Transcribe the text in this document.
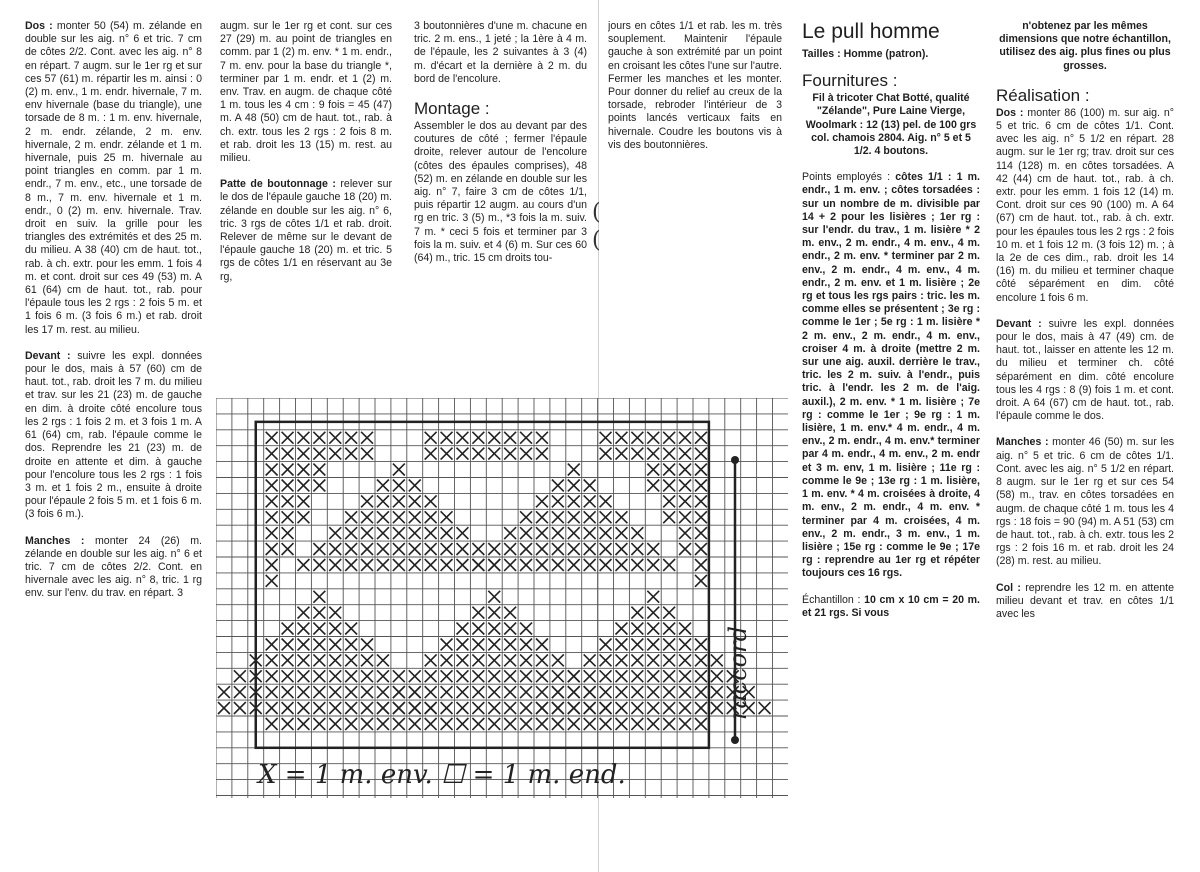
Dos : monter 50 (54) m. zélande en double sur les aig. n° 6 et tric. 7 cm de côtes 2/2. Cont. avec les aig. n° 8 en répart. 7 augm. sur le 1er rg et sur ces 57 (61) m. répartir les m. ainsi : 0 (2) m. env., 1 m. endr. hivernale, 7 m. env hivernale (base du triangle), une torsade de 8 m. : 1 m. env. hivernale, 2 m. endr. zélande, 2 m. env. hivernale, 2 m. endr. zélande et 1 m. hivernale, puis 25 m. hivernale au point triangles en comm. par 1 m. endr., 7 m. env., etc., une torsade de 8 m., 7 m. env. hivernale et 1 m. endr., 0 (2) m. env. hivernale. Trav. droit en suiv. la grille pour les triangles des extrémités et des 25 m. du milieu. A 38 (40) cm de haut. tot., rab. à ch. extr. pour les emm. 1 fois 4 m. et cont. droit sur ces 49 (53) m. A 61 (64) cm de haut. tot., rab. pour l'épaule tous les 2 rgs : 2 fois 5 m. et 1 fois 6 m. (3 fois 6 m.) et rab. droit les 17 m. rest. au milieu.

Devant : suivre les expl. données pour le dos, mais à 57 (60) cm de haut. tot., rab. droit les 7 m. du milieu et trav. sur les 21 (23) m. de gauche en dim. à droite côté encolure tous les 2 rgs : 1 fois 2 m. et 3 fois 1 m. A 61 (64) cm, rab. l'épaule comme le dos. Reprendre les 21 (23) m. de droite en attente et dim. à gauche pour l'encolure tous les 2 rgs : 1 fois 3 m. et 1 fois 2 m., ensuite à droite pour l'épaule 2 fois 5 m. et 1 fois 6 m. (3 fois 6 m.).

Manches : monter 24 (26) m. zélande en double sur les aig. n° 6 et tric. 7 cm de côtes 2/2. Cont. en hivernale avec les aig. n° 8, tric. 1 rg env. sur l'env. du trav. en répart. 3

augm. sur le 1er rg et cont. sur ces 27 (29) m. au point de triangles en comm. par 1 (2) m. env. * 1 m. endr., 7 m. env. pour la base du triangle *, terminer par 1 m. endr. et 1 (2) m. env. Trav. en augm. de chaque côté 1 m. tous les 4 cm : 9 fois = 45 (47) m. A 48 (50) cm de haut. tot., rab. à ch. extr. tous les 2 rgs : 2 fois 8 m. et rab. droit les 13 (15) m. rest. au milieu.

Patte de boutonnage : relever sur le dos de l'épaule gauche 18 (20) m. zélande en double sur les aig. n° 6, tric. 3 rgs de côtes 1/1 et rab. droit. Relever de même sur le devant de l'épaule gauche 18 (20) m. et tric. 5 rgs de côtes 1/1 en réservant au 3e rg,

3 boutonnières d'une m. chacune en tric. 2 m. ens., 1 jeté ; la 1ère à 4 m. de l'épaule, les 2 suivantes à 3 (4) m. d'écart et la dernière à 2 m. du bord de l'encolure.

Montage :

Assembler le dos au devant par des coutures de côté ; fermer l'épaule droite, relever autour de l'encolure (côtes des épaules comprises), 48 (52) m. en zélande en double sur les aig. n° 7, faire 3 cm de côtes 1/1, puis répartir 12 augm. au cours d'un rg en tric. 3 (5) m., *3 fois la m. suiv. 7 m. * ceci 5 fois et terminer par 3 fois la m. suiv. et 4 (6) m. Sur ces 60 (64) m., tric. 15 cm droits tou-

jours en côtes 1/1 et rab. les m. très souplement. Maintenir l'épaule gauche à son extrémité par un point en croisant les côtes l'une sur l'autre. Fermer les manches et les monter. Pour donner du relief au creux de la torsade, rebroder l'intérieur de 3 points lancés verticaux faits en hivernale. Coudre les boutons vis à vis des boutonnières.

Le pull homme

Tailles : Homme (patron).

Fournitures :

Fil à tricoter Chat Botté, qualité "Zélande", Pure Laine Vierge, Woolmark : 12 (13) pel. de 100 grs col. chamois 2804. Aig. n° 5 et 5 1/2. 4 boutons.

Points employés : côtes 1/1 : 1 m. endr., 1 m. env. ; côtes torsadées : sur un nombre de m. divisible par 14 + 2 pour les lisières ; 1er rg : sur l'endr. du trav., 1 m. lisière * 2 m. env., 2 m. endr., 4 m. env., 4 m. endr., 2 m. env. * terminer par 2 m. env., 2 m. endr., 4 m. env., 4 m. endr., 2 m. env. et 1 m. lisière ; 2e rg et tous les rgs pairs : tric. les m. comme elles se présentent ; 3e rg : comme le 1er ; 5e rg : 1 m. lisière * 2 m. env., 2 m. endr., 4 m. env., croiser 4 m. à droite (mettre 2 m. sur une aig. auxil. derrière le trav., tric. les 2 m. suiv. à l'endr., puis tric. à l'endr. les 2 m. de l'aig. auxil.), 2 m. env. * 1 m. lisière ; 7e rg : comme le 1er ; 9e rg : 1 m. lisière, 1 m. env.* 4 m. endr., 4 m. env., 2 m. endr., 4 m. env.* terminer par 4 m. endr., 4 m. env., 2 m. endr et 3 m. env, 1 m. lisière ; 11e rg : comme le 9e ; 13e rg : 1 m. lisière, 1 m. env. * 4 m. croisées à droite, 4 m. env., 2 m. endr., 4 m. env. * terminer par 4 m. croisées, 4 m. env., 2 m. endr., 3 m. env., 1 m. lisière ; 15e rg : comme le 9e ; 17e rg : reprendre au 1er rg et répéter toujours ces 16 rgs.

Échantillon : 10 cm x 10 cm = 20 m. et 21 rgs. Si vous

n'obtenez par les mêmes dimensions que notre échantillon, utilisez des aig. plus fines ou plus grosses.

Réalisation :

Dos : monter 86 (100) m. sur aig. n° 5 et tric. 6 cm de côtes 1/1. Cont. avec les aig. n° 5 1/2 en répart. 28 augm. sur le 1er rg; trav. droit sur ces 114 (128) m. en côtes torsadées. A 42 (44) cm de haut. tot., rab. à ch. extr. pour les emm. 1 fois 12 (14) m. Cont. droit sur ces 90 (100) m. A 64 (67) cm de haut. tot., rab. à ch. extr. pour les épaules tous les 2 rgs : 2 fois 10 m. et 1 fois 12 m. (3 fois 12) m. ; à la 2e de ces dim., rab. droit les 14 (16) m. du milieu et terminer chaque côté séparément en dim. côté encolure 1 fois 6 m.

Devant : suivre les expl. données pour le dos, mais à 47 (49) cm. de haut. tot., laisser en attente les 12 m. du milieu et terminer ch. côté séparément en dim. côté encolure tous les 4 rgs : 8 (9) fois 1 m. et cont. droit. A 64 (67) cm de haut. tot., rab. l'épaule comme le dos.

Manches : monter 46 (50) m. sur les aig. n° 5 et tric. 6 cm de côtes 1/1. Cont. avec les aig. n° 5 1/2 en répart. 8 augm. sur le 1er rg et sur ces 54 (58) m., trav. en côtes torsadées en augm. de chaque côté 1 m. tous les 4 rgs : 18 fois = 90 (94) m. A 51 (53) cm de haut. tot., rab. à ch. extr. tous les 2 rgs : 2 fois 16 m. et rab. droit les 24 (28) m. rest. au milieu.

Col : reprendre les 12 m. en attente milieu devant et trav. en côtes 1/1 avec les

(
(
X = 1 m. env. ☐ = 1 m. end.
raccord
